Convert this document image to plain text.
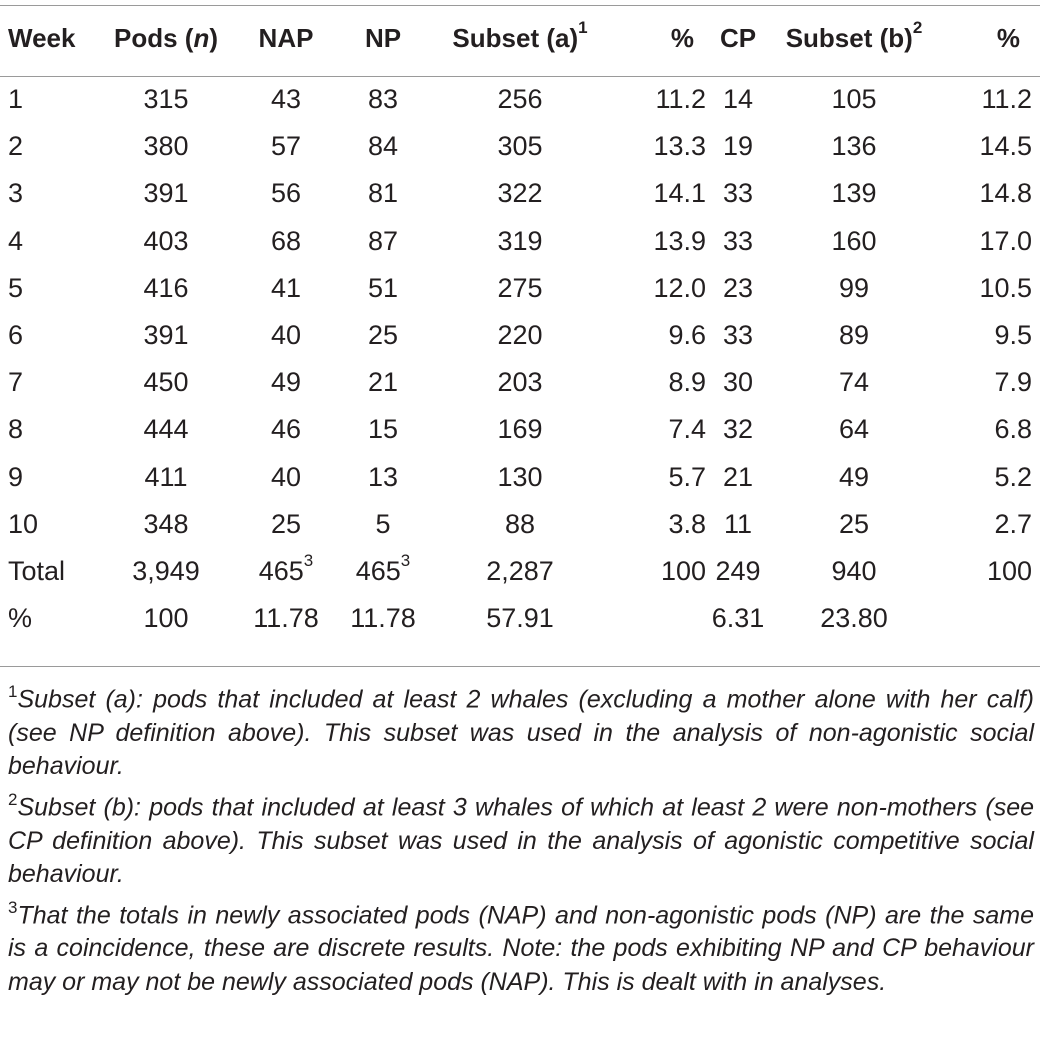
Week	Pods (n)	NAP	NP	Subset $(a)^1$	%	CP	Subset $(b)^2$	%
1	315	43	83	256	11.2	14	105	11.2
2	380	57	84	305	13.3	19	136	14.5
3	391	56	81	322	14.1	33	139	14.8
4	403	68	87	319	13.9	33	160	17.0
5	416	41	51	275	12.0	23	99	10.5
6	391	40	25	220	9.6	33	89	9.5
7	450	49	21	203	8.9	30	74	7.9
8	444	46	15	169	7.4	32	64	6.8
9	411	40	13	130	5.7	21	49	5.2
10	348	25	5	88	3.8	11	25	2.7
Total	3,949	$465^3$	$465^3$	2,287	100	249	940	100
%	100	11.78	11.78	57.91		6.31	23.80	

$^1$Subset (a): pods that included at least 2 whales (excluding a mother alone with her calf) (see NP definition above). This subset was used in the analysis of non-agonistic social behaviour.

$^2$Subset (b): pods that included at least 3 whales of which at least 2 were non-mothers (see CP definition above). This subset was used in the analysis of agonistic competitive social behaviour.

$^3$That the totals in newly associated pods (NAP) and non-agonistic pods (NP) are the same is a coincidence, these are discrete results. Note: the pods exhibiting NP and CP behaviour may or may not be newly associated pods (NAP). This is dealt with in analyses.
